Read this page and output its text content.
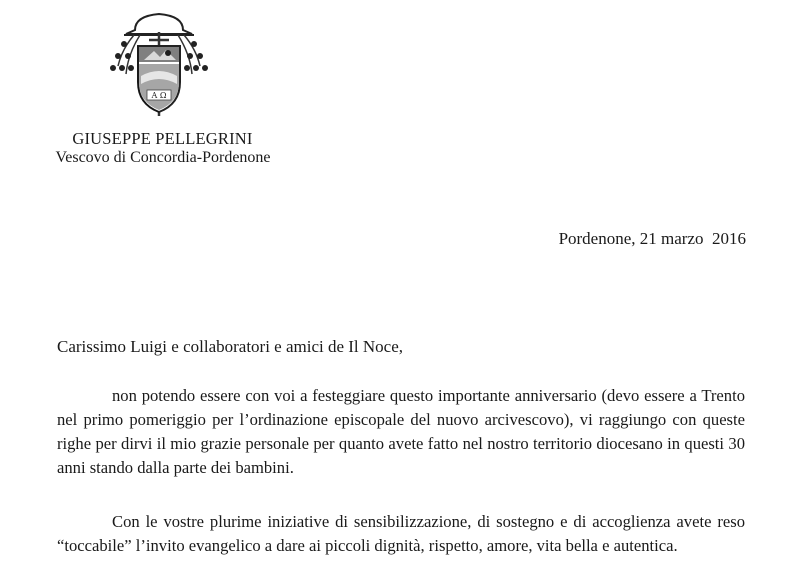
A Ω
GIUSEPPE PELLEGRINI
Vescovo di Concordia-Pordenone
Pordenone, 21 marzo  2016
Carissimo Luigi e collaboratori e amici de Il Noce,

non potendo essere con voi a festeggiare questo importante anniversario (devo essere a Trento nel primo pomeriggio per l’ordinazione episcopale del nuovo arcivescovo), vi raggiungo con queste righe per dirvi il mio grazie personale per quanto avete fatto nel nostro territorio diocesano in questi 30 anni stando dalla parte dei bambini.

Con le vostre plurime iniziative di sensibilizzazione, di sostegno e di accoglienza avete reso “toccabile” l’invito evangelico a dare ai piccoli dignità, rispetto, amore, vita bella e autentica.
